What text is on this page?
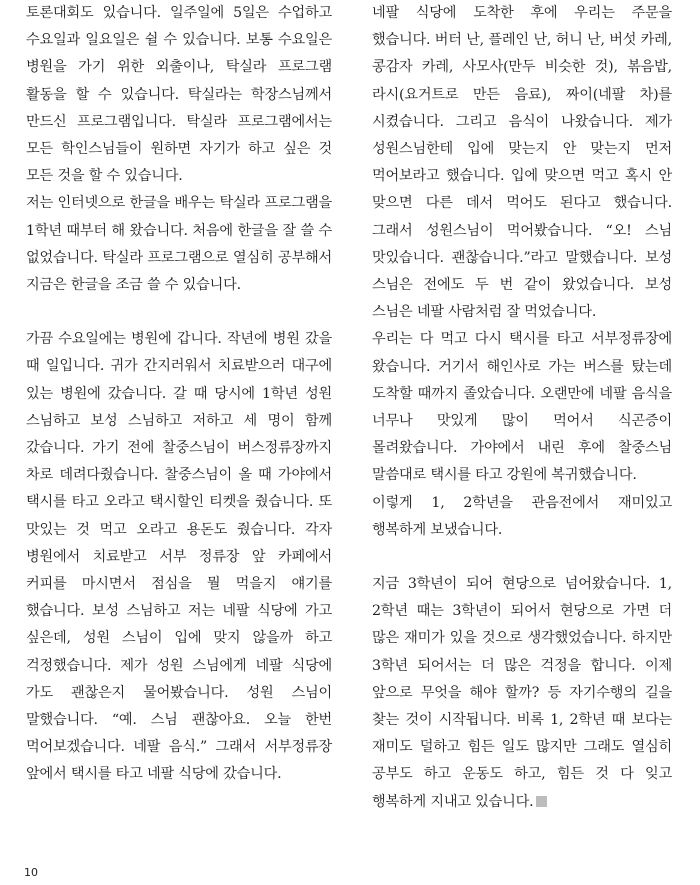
토론대회도 있습니다. 일주일에 5일은 수업하고 수요일과 일요일은 쉴 수 있습니다. 보통 수요일은 병원을 가기 위한 외출이나, 탁실라 프로그램 활동을 할 수 있습니다. 탁실라는 학장스님께서 만드신 프로그램입니다. 탁실라 프로그램에서는 모든 학인스님들이 원하면 자기가 하고 싶은 것 모든 것을 할 수 있습니다.

저는 인터넷으로 한글을 배우는 탁실라 프로그램을 1학년 때부터 해 왔습니다. 처음에 한글을 잘 쓸 수 없었습니다. 탁실라 프로그램으로 열심히 공부해서 지금은 한글을 조금 쓸 수 있습니다.

가끔 수요일에는 병원에 갑니다. 작년에 병원 갔을 때 일입니다. 귀가 간지러워서 치료받으러 대구에 있는 병원에 갔습니다. 갈 때 당시에 1학년 성원 스님하고 보성 스님하고 저하고 세 명이 함께 갔습니다. 가기 전에 찰중스님이 버스정류장까지 차로 데려다줬습니다. 찰중스님이 올 때 가야에서 택시를 타고 오라고 택시할인 티켓을 줬습니다. 또 맛있는 것 먹고 오라고 용돈도 줬습니다. 각자 병원에서 치료받고 서부 정류장 앞 카페에서 커피를 마시면서 점심을 뭘 먹을지 얘기를 했습니다. 보성 스님하고 저는 네팔 식당에 가고 싶은데, 성원 스님이 입에 맞지 않을까 하고 걱정했습니다. 제가 성원 스님에게 네팔 식당에 가도 괜찮은지 물어봤습니다. 성원 스님이 말했습니다. “예. 스님 괜찮아요. 오늘 한번 먹어보겠습니다. 네팔 음식.” 그래서 서부정류장 앞에서 택시를 타고 네팔 식당에 갔습니다.

네팔 식당에 도착한 후에 우리는 주문을 했습니다. 버터 난, 플레인 난, 허니 난, 버섯 카레, 콩감자 카레, 사모사(만두 비슷한 것), 볶음밥, 라시(요거트로 만든 음료), 짜이(네팔 차)를 시켰습니다. 그리고 음식이 나왔습니다. 제가 성원스님한테 입에 맞는지 안 맞는지 먼저 먹어보라고 했습니다. 입에 맞으면 먹고 혹시 안 맞으면 다른 데서 먹어도 된다고 했습니다. 그래서 성원스님이 먹어봤습니다. “오! 스님 맛있습니다. 괜찮습니다.”라고 말했습니다. 보성 스님은 전에도 두 번 같이 왔었습니다. 보성 스님은 네팔 사람처럼 잘 먹었습니다.

우리는 다 먹고 다시 택시를 타고 서부정류장에 왔습니다. 거기서 해인사로 가는 버스를 탔는데 도착할 때까지 졸았습니다. 오랜만에 네팔 음식을 너무나 맛있게 많이 먹어서 식곤증이 몰려왔습니다. 가야에서 내린 후에 찰중스님 말씀대로 택시를 타고 강원에 복귀했습니다.

이렇게 1, 2학년을 관음전에서 재미있고 행복하게 보냈습니다.

지금 3학년이 되어 현당으로 넘어왔습니다. 1, 2학년 때는 3학년이 되어서 현당으로 가면 더 많은 재미가 있을 것으로 생각했었습니다. 하지만 3학년 되어서는 더 많은 걱정을 합니다. 이제 앞으로 무엇을 해야 할까? 등 자기수행의 길을 찾는 것이 시작됩니다. 비록 1, 2학년 때 보다는 재미도 덜하고 힘든 일도 많지만 그래도 열심히 공부도 하고 운동도 하고, 힘든 것 다 잊고 행복하게 지내고 있습니다.

10
